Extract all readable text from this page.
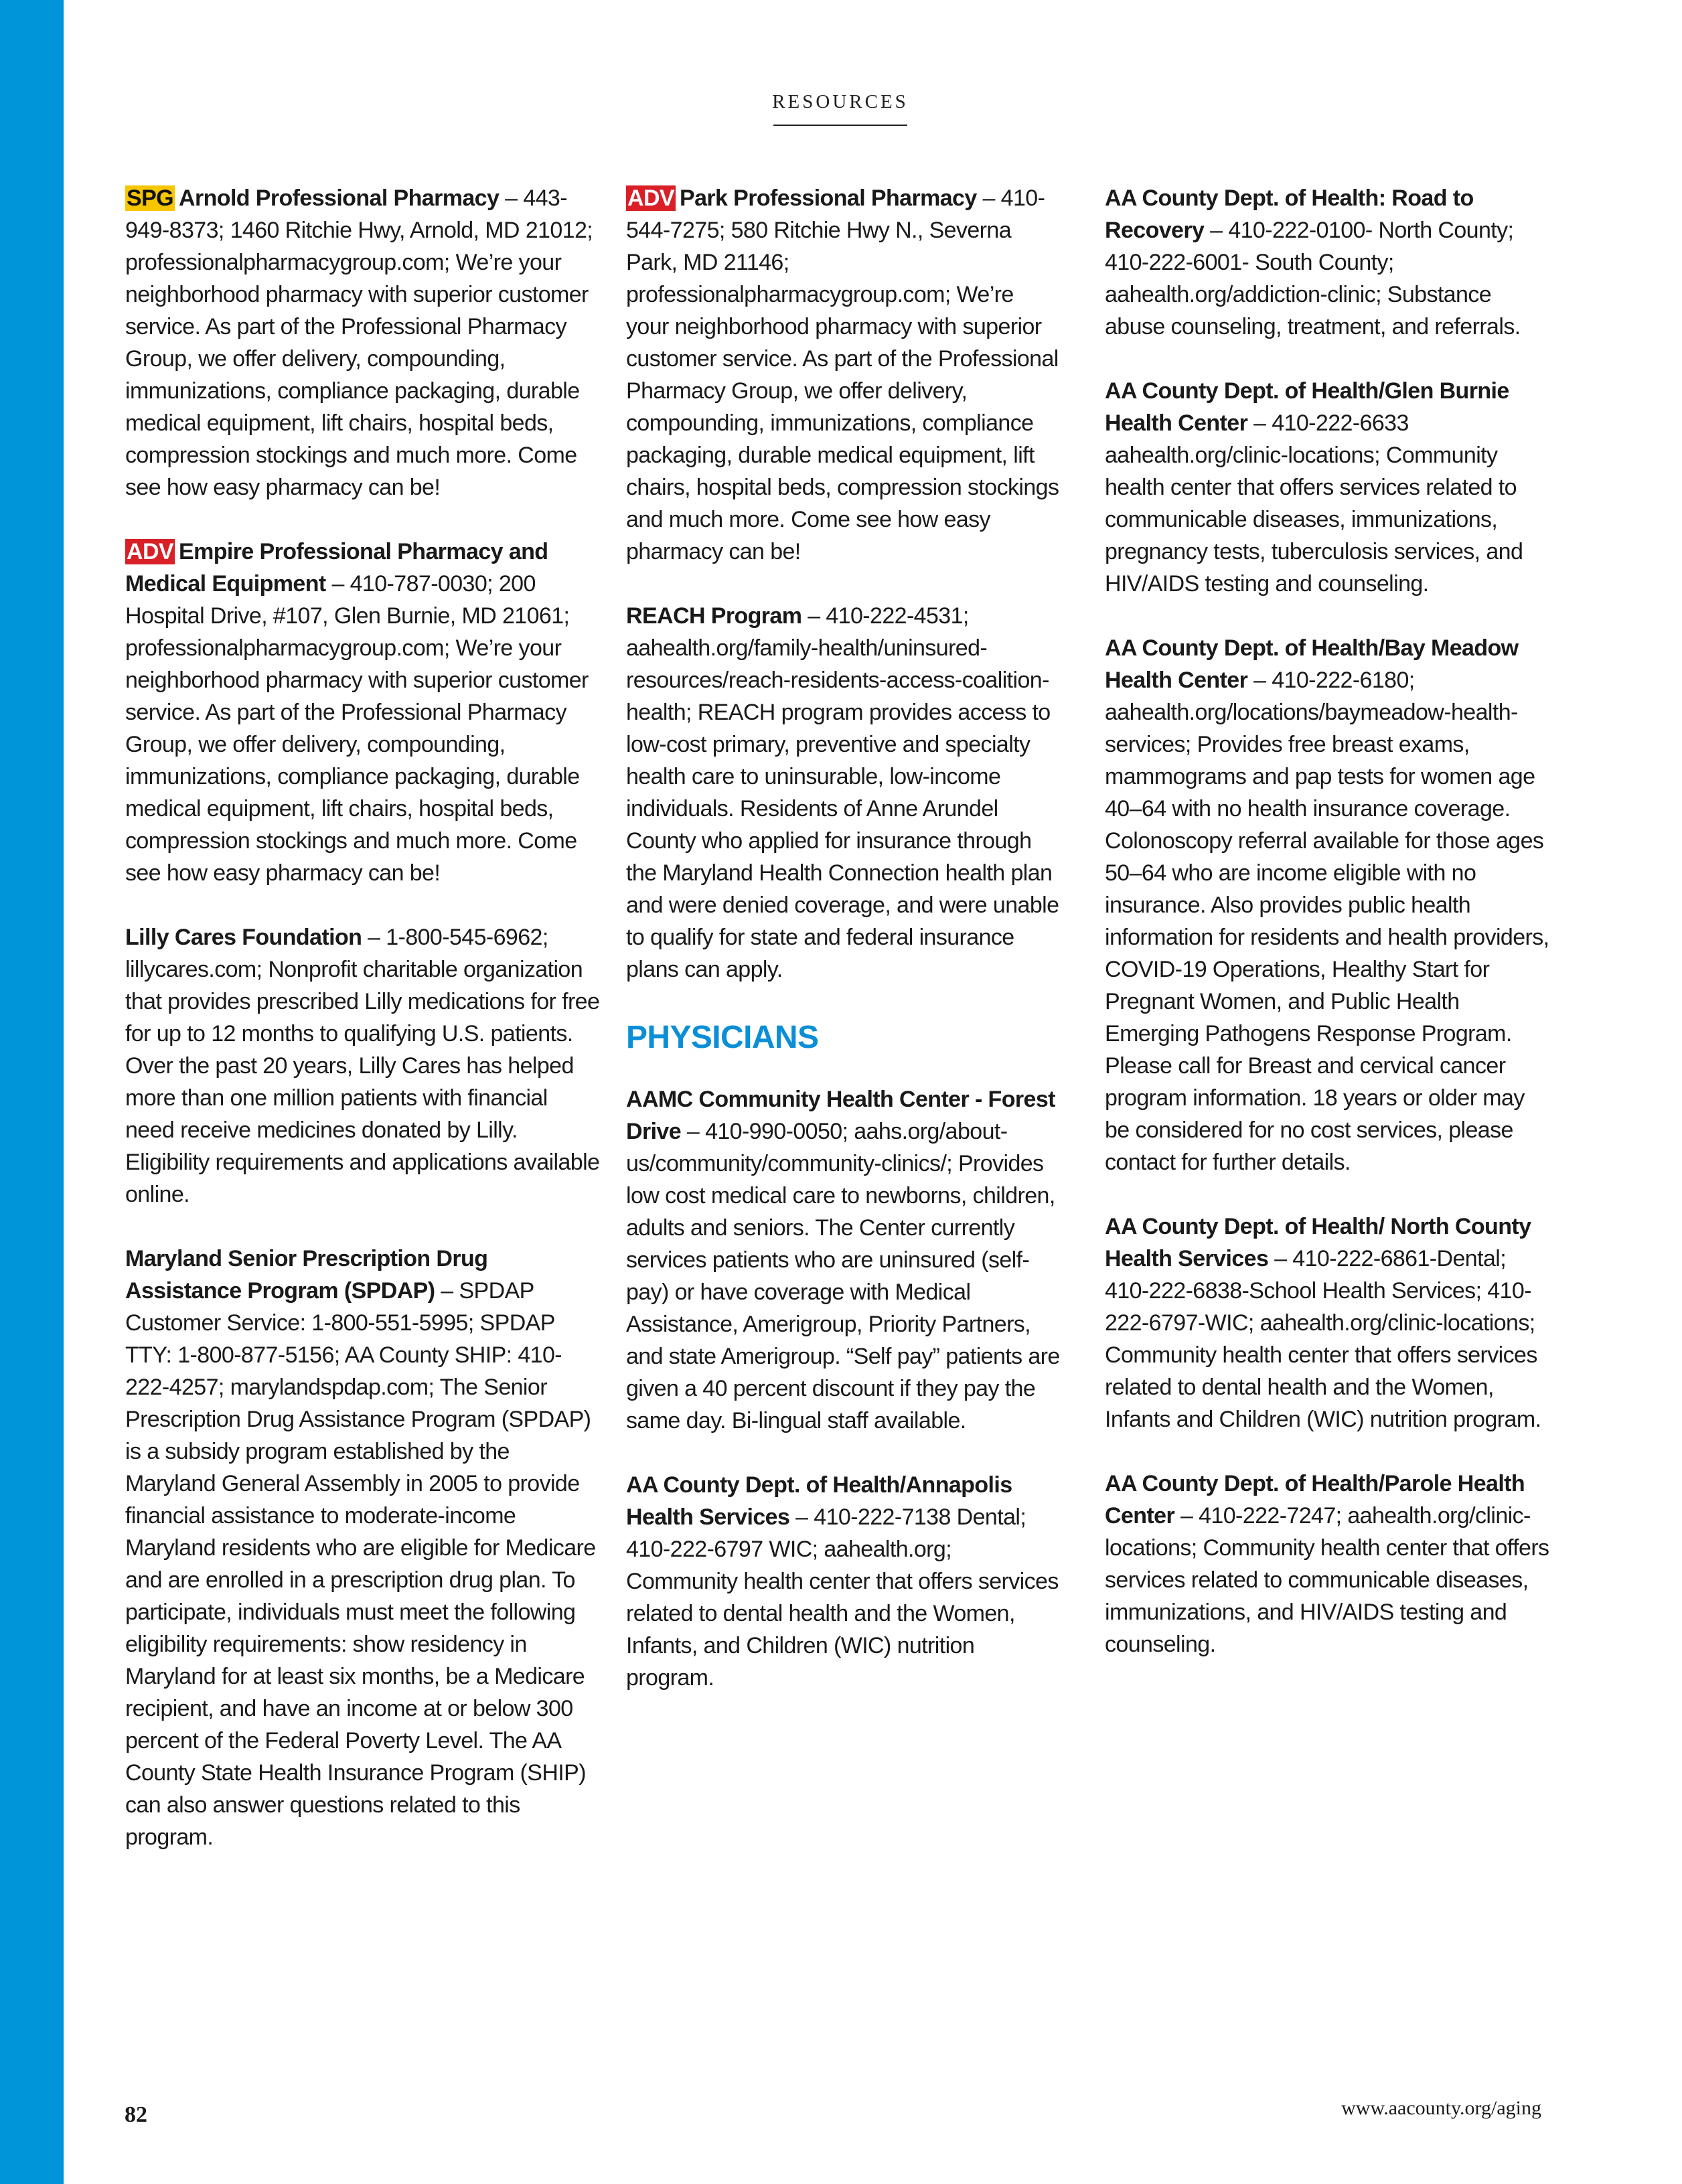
RESOURCES

SPG Arnold Professional Pharmacy – 443-949-8373; 1460 Ritchie Hwy, Arnold, MD 21012; professionalpharmacygroup.com; We’re your neighborhood pharmacy with superior customer service. As part of the Professional Pharmacy Group, we offer delivery, compounding, immunizations, compliance packaging, durable medical equipment, lift chairs, hospital beds, compression stockings and much more. Come see how easy pharmacy can be!

ADV Empire Professional Pharmacy and Medical Equipment – 410-787-0030; 200 Hospital Drive, #107, Glen Burnie, MD 21061; professionalpharmacygroup.com; We’re your neighborhood pharmacy with superior customer service. As part of the Professional Pharmacy Group, we offer delivery, compounding, immunizations, compliance packaging, durable medical equipment, lift chairs, hospital beds, compression stockings and much more. Come see how easy pharmacy can be!

Lilly Cares Foundation – 1-800-545-6962; lillycares.com; Nonprofit charitable organization that provides prescribed Lilly medications for free for up to 12 months to qualifying U.S. patients. Over the past 20 years, Lilly Cares has helped more than one million patients with financial need receive medicines donated by Lilly. Eligibility requirements and applications available online.

Maryland Senior Prescription Drug Assistance Program (SPDAP) – SPDAP Customer Service: 1-800-551-5995; SPDAP TTY: 1-800-877-5156; AA County SHIP: 410-222-4257; marylandspdap.com; The Senior Prescription Drug Assistance Program (SPDAP) is a subsidy program established by the Maryland General Assembly in 2005 to provide financial assistance to moderate-income Maryland residents who are eligible for Medicare and are enrolled in a prescription drug plan. To participate, individuals must meet the following eligibility requirements: show residency in Maryland for at least six months, be a Medicare recipient, and have an income at or below 300 percent of the Federal Poverty Level. The AA County State Health Insurance Program (SHIP) can also answer questions related to this program.

ADV Park Professional Pharmacy – 410-544-7275; 580 Ritchie Hwy N., Severna Park, MD 21146; professionalpharmacygroup.com; We’re your neighborhood pharmacy with superior customer service. As part of the Professional Pharmacy Group, we offer delivery, compounding, immunizations, compliance packaging, durable medical equipment, lift chairs, hospital beds, compression stockings and much more. Come see how easy pharmacy can be!

REACH Program – 410-222-4531; aahealth.org/family-health/uninsured-resources/reach-residents-access-coalition-health; REACH program provides access to low-cost primary, preventive and specialty health care to uninsurable, low-income individuals. Residents of Anne Arundel County who applied for insurance through the Maryland Health Connection health plan and were denied coverage, and were unable to qualify for state and federal insurance plans can apply.

PHYSICIANS

AAMC Community Health Center - Forest Drive – 410-990-0050; aahs.org/about-us/community/community-clinics/; Provides low cost medical care to newborns, children, adults and seniors. The Center currently services patients who are uninsured (self-pay) or have coverage with Medical Assistance, Amerigroup, Priority Partners, and state Amerigroup. “Self pay” patients are given a 40 percent discount if they pay the same day. Bi-lingual staff available.

AA County Dept. of Health/Annapolis Health Services – 410-222-7138 Dental; 410-222-6797 WIC; aahealth.org; Community health center that offers services related to dental health and the Women, Infants, and Children (WIC) nutrition program.

AA County Dept. of Health: Road to Recovery – 410-222-0100- North County; 410-222-6001- South County; aahealth.org/addiction-clinic; Substance abuse counseling, treatment, and referrals.

AA County Dept. of Health/Glen Burnie Health Center – 410-222-6633 aahealth.org/clinic-locations; Community health center that offers services related to communicable diseases, immunizations, pregnancy tests, tuberculosis services, and HIV/AIDS testing and counseling.

AA County Dept. of Health/Bay Meadow Health Center – 410-222-6180; aahealth.org/locations/baymeadow-health-services; Provides free breast exams, mammograms and pap tests for women age 40–64 with no health insurance coverage. Colonoscopy referral available for those ages 50–64 who are income eligible with no insurance. Also provides public health information for residents and health providers, COVID-19 Operations, Healthy Start for Pregnant Women, and Public Health Emerging Pathogens Response Program. Please call for Breast and cervical cancer program information. 18 years or older may be considered for no cost services, please contact for further details.

AA County Dept. of Health/ North County Health Services – 410-222-6861-Dental; 410-222-6838-School Health Services; 410-222-6797-WIC; aahealth.org/clinic-locations; Community health center that offers services related to dental health and the Women, Infants and Children (WIC) nutrition program.

AA County Dept. of Health/Parole Health Center – 410-222-7247; aahealth.org/clinic-locations; Community health center that offers services related to communicable diseases, immunizations, and HIV/AIDS testing and counseling.

82	www.aacounty.org/aging
